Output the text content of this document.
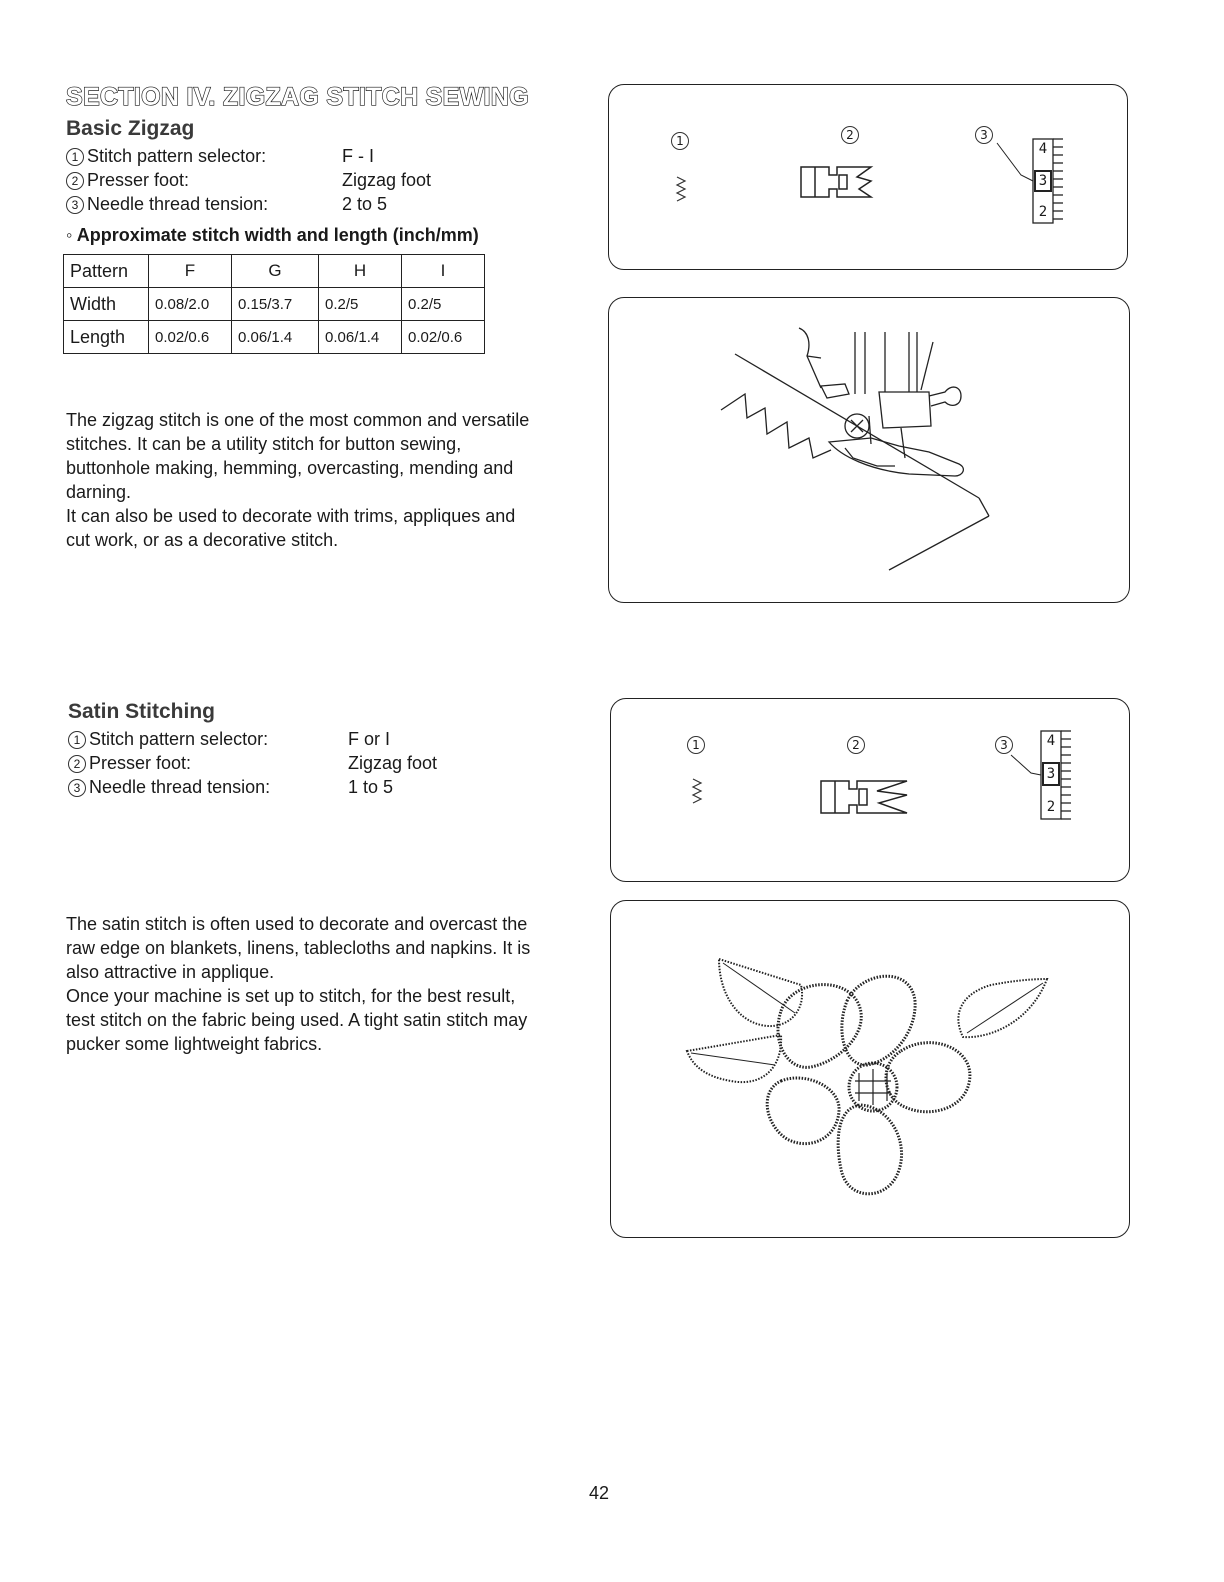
SECTION IV. ZIGZAG STITCH SEWING
Basic Zigzag
1 Stitch pattern selector:	F - I
2 Presser foot:	Zigzag foot
3 Needle thread tension:	2 to 5
◦ Approximate stitch width and length (inch/mm)
Pattern	F	G	H	I
Width	0.08/2.0	0.15/3.7	0.2/5	0.2/5
Length	0.02/0.6	0.06/1.4	0.06/1.4	0.02/0.6
The zigzag stitch is one of the most common and versatile
stitches. It can be a utility stitch for button sewing,
buttonhole making, hemming, overcasting, mending and
darning.
It can also be used to decorate with trims, appliques and
cut work, or as a decorative stitch.
Satin Stitching
1 Stitch pattern selector:	F or I
2 Presser foot:	Zigzag foot
3 Needle thread tension:	1 to 5
The satin stitch is often used to decorate and overcast the
raw edge on blankets, linens, tablecloths and napkins. It is
also attractive in applique.
Once your machine is set up to stitch, for the best result,
test stitch on the fabric being used. A tight satin stitch may
pucker some lightweight fabrics.
1	2	3
4
3
2
1	2	3	4
3
2
42
